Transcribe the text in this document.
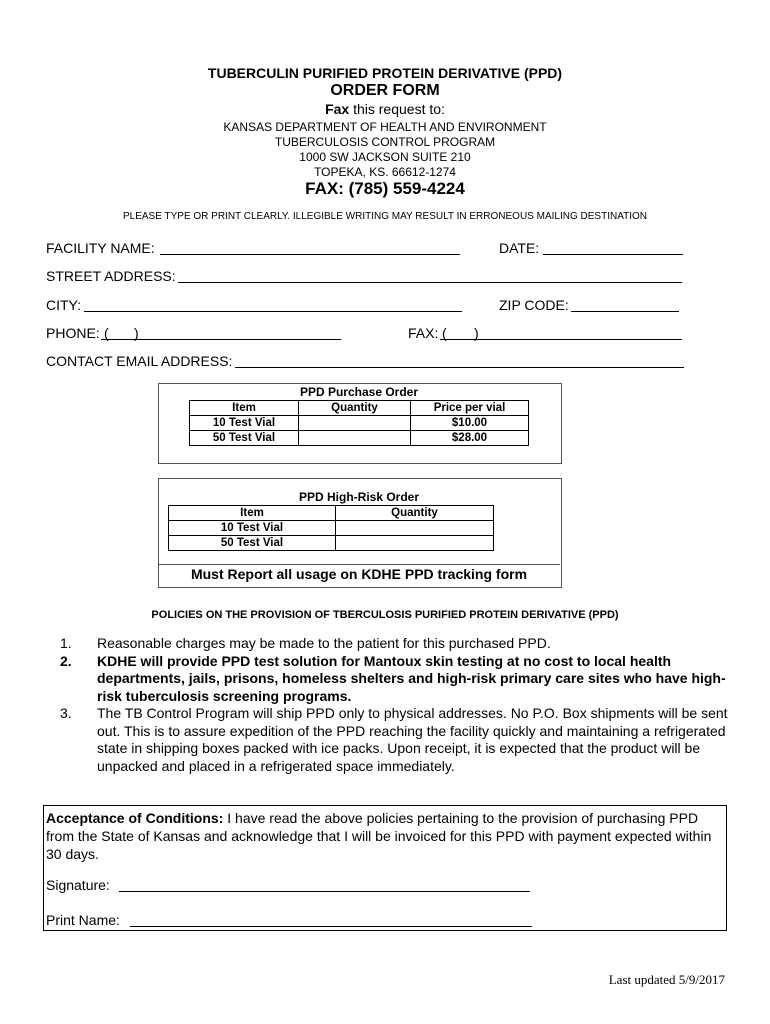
TUBERCULIN PURIFIED PROTEIN DERIVATIVE (PPD)
ORDER FORM
Fax this request to:
KANSAS DEPARTMENT OF HEALTH AND ENVIRONMENT
TUBERCULOSIS CONTROL PROGRAM
1000 SW JACKSON SUITE 210
TOPEKA, KS. 66612-1274
FAX: (785) 559-4224
PLEASE TYPE OR PRINT CLEARLY. ILLEGIBLE WRITING MAY RESULT IN ERRONEOUS MAILING DESTINATION
FACILITY NAME:	DATE:
STREET ADDRESS:
CITY:	ZIP CODE:
PHONE: ( )	FAX: ( )
CONTACT EMAIL ADDRESS:
PPD Purchase Order
Item	Quantity	Price per vial
10 Test Vial		$10.00
50 Test Vial		$28.00
PPD High-Risk Order
Item	Quantity
10 Test Vial	
50 Test Vial	
Must Report all usage on KDHE PPD tracking form
POLICIES ON THE PROVISION OF TBERCULOSIS PURIFIED PROTEIN DERIVATIVE (PPD)
1. Reasonable charges may be made to the patient for this purchased PPD.
2. KDHE will provide PPD test solution for Mantoux skin testing at no cost to local health departments, jails, prisons, homeless shelters and high-risk primary care sites who have high-risk tuberculosis screening programs.
3. The TB Control Program will ship PPD only to physical addresses. No P.O. Box shipments will be sent out. This is to assure expedition of the PPD reaching the facility quickly and maintaining a refrigerated state in shipping boxes packed with ice packs. Upon receipt, it is expected that the product will be unpacked and placed in a refrigerated space immediately.
Acceptance of Conditions: I have read the above policies pertaining to the provision of purchasing PPD from the State of Kansas and acknowledge that I will be invoiced for this PPD with payment expected within 30 days.
Signature:
Print Name:
Last updated 5/9/2017
